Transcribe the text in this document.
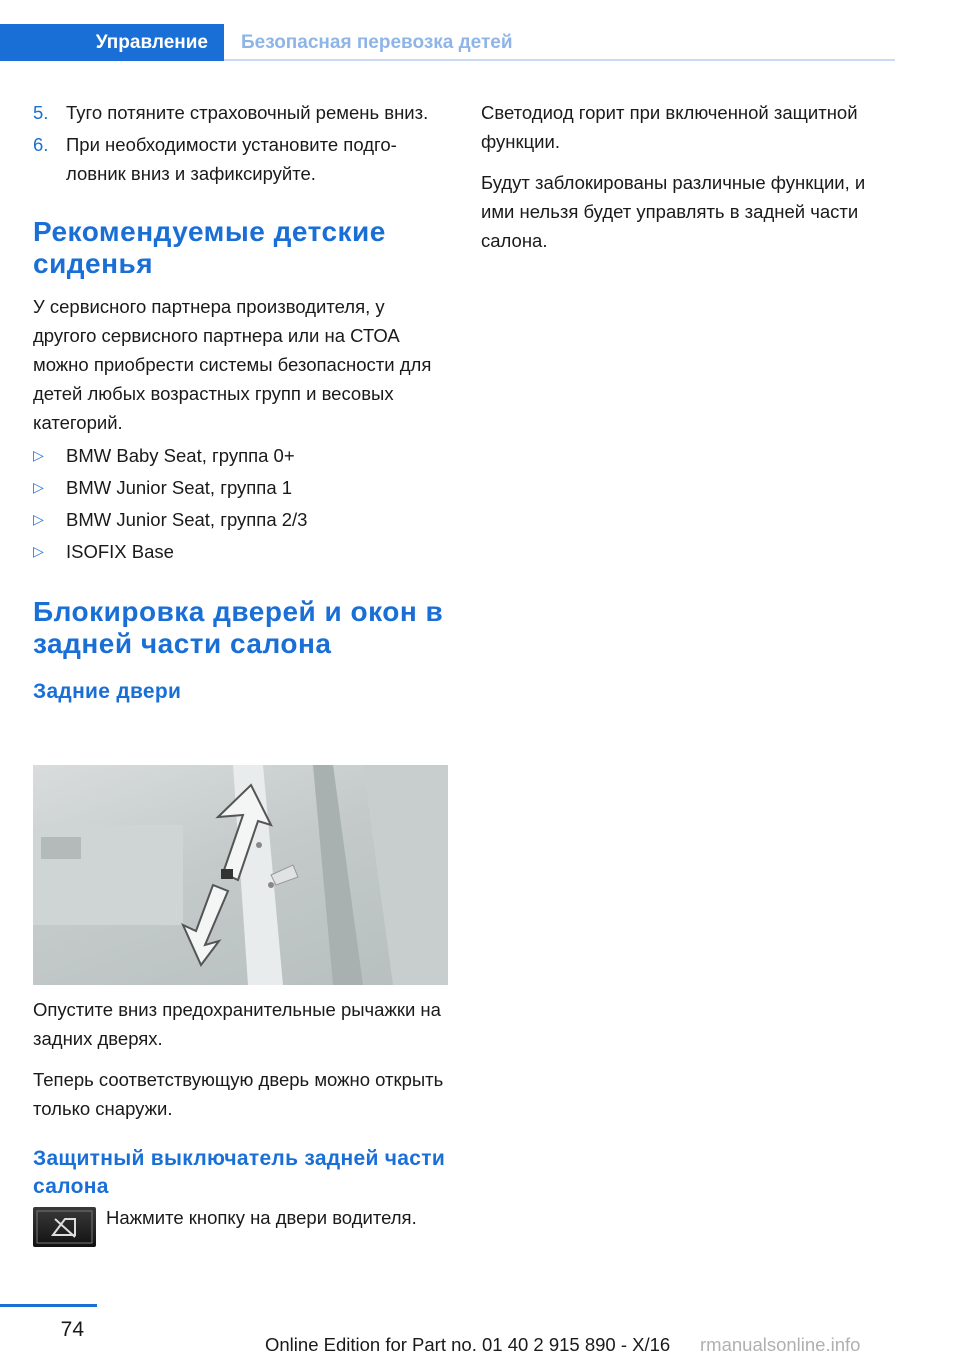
Управление	Безопасная перевозка детей
5. Туго потяните страховочный ремень вниз.
6. При необходимости установите подголовник вниз и зафиксируйте.
Рекомендуемые детские сиденья

У сервисного партнера производителя, у другого сервисного партнера или на СТОА можно приобрести системы безопасности для детей любых возрастных групп и весовых категорий.

▷	BMW Baby Seat, группа 0+
▷	BMW Junior Seat, группа 1
▷	BMW Junior Seat, группа 2/3
▷	ISOFIX Base
Блокировка дверей и окон в задней части салона
Задние двери

Опустите вниз предохранительные рычажки на задних дверях.

Теперь соответствующую дверь можно открыть только снаружи.

Защитный выключатель задней части салона

Нажмите кнопку на двери водителя.

Светодиод горит при включенной защитной функции.

Будут заблокированы различные функции, и ими нельзя будет управлять в задней части салона.

74
Online Edition for Part no. 01 40 2 915 890 - X/16 rmanualsonline.info
